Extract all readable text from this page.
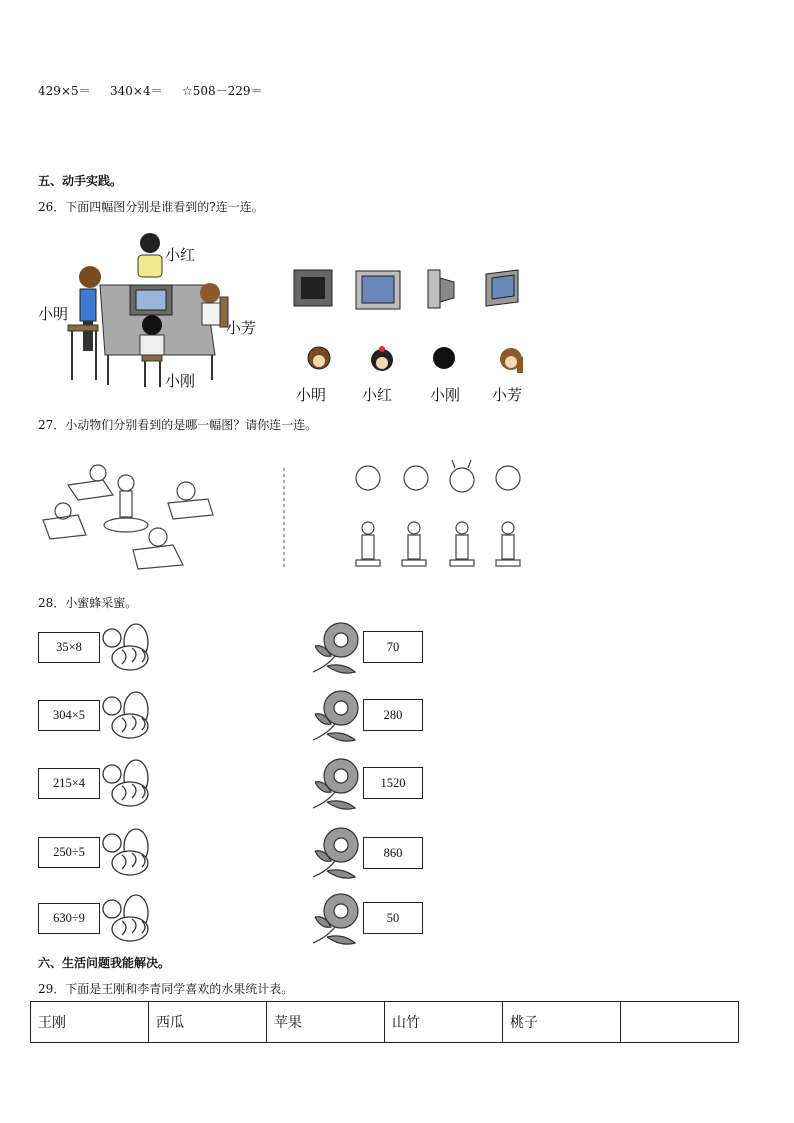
429×5＝ 340×4＝ ☆508－229＝
五、动手实践。
26．下面四幅图分别是谁看到的?连一连。
小红
小明
小芳
小刚
小明 小红	小刚 小芳
27．小动物们分别看到的是哪一幅图？请你连一连。
28．小蜜蜂采蜜。
35×8	70
304×5	280
215×4	1520
250÷5	860
630÷9	50
六、生活问题我能解决。
29．下面是王刚和李青同学喜欢的水果统计表。
王刚	西瓜	苹果	山竹	桃子	
